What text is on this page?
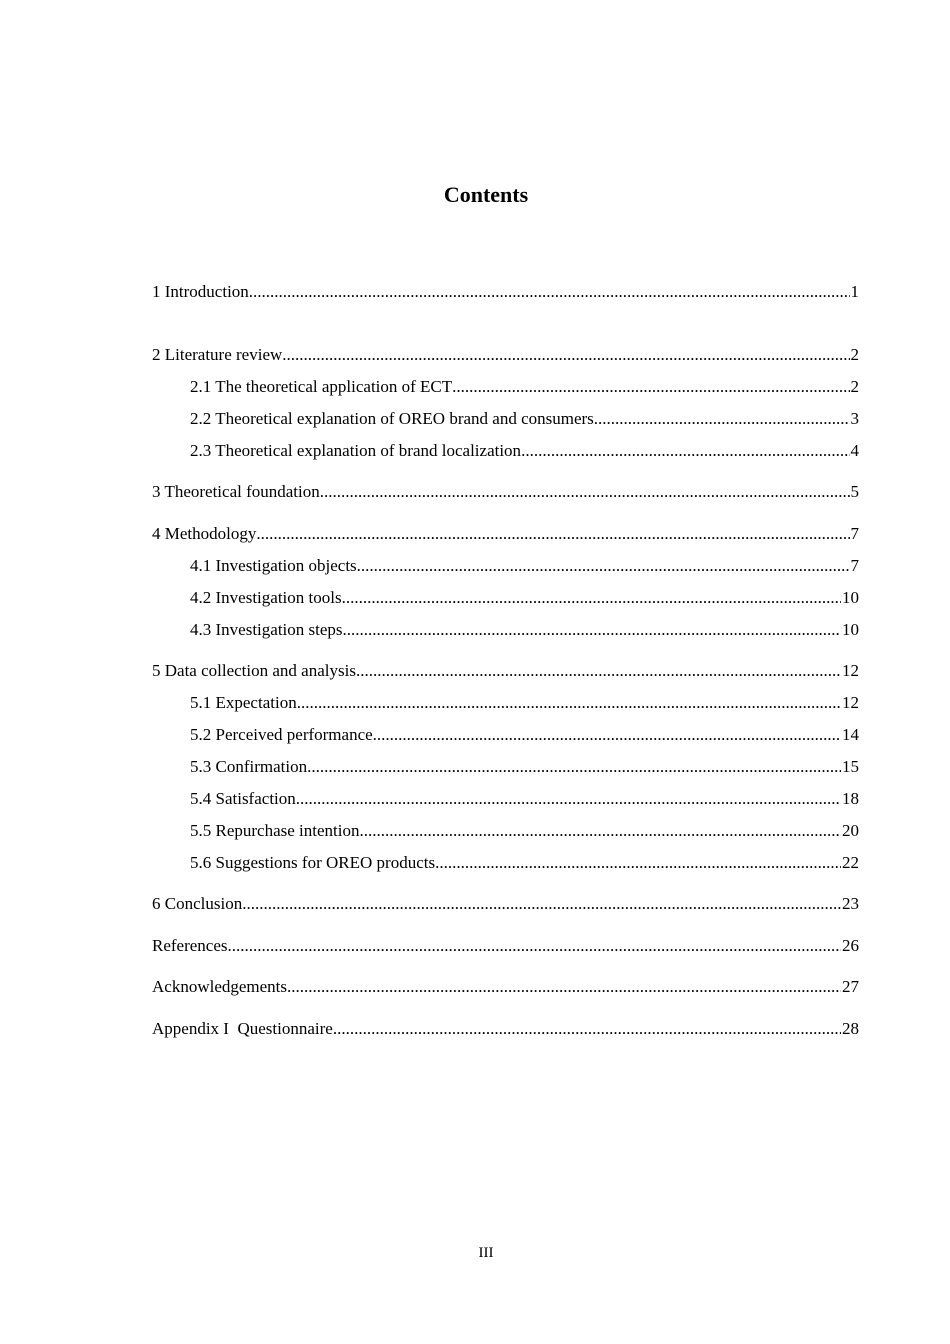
Contents
1 Introduction .....	1
2 Literature review .....	2
2.1 The theoretical application of ECT .....	2
2.2 Theoretical explanation of OREO brand and consumers .....	3
2.3 Theoretical explanation of brand localization .....	4
3 Theoretical foundation .....	5
4 Methodology .....	7
4.1 Investigation objects .....	7
4.2 Investigation tools .....	10
4.3 Investigation steps .....	10
5 Data collection and analysis .....	12
5.1 Expectation .....	12
5.2 Perceived performance .....	14
5.3 Confirmation .....	15
5.4 Satisfaction .....	18
5.5 Repurchase intention .....	20
5.6 Suggestions for OREO products .....	22
6 Conclusion .....	23
References .....	26
Acknowledgements .....	27
Appendix I  Questionnaire .....	28
III
